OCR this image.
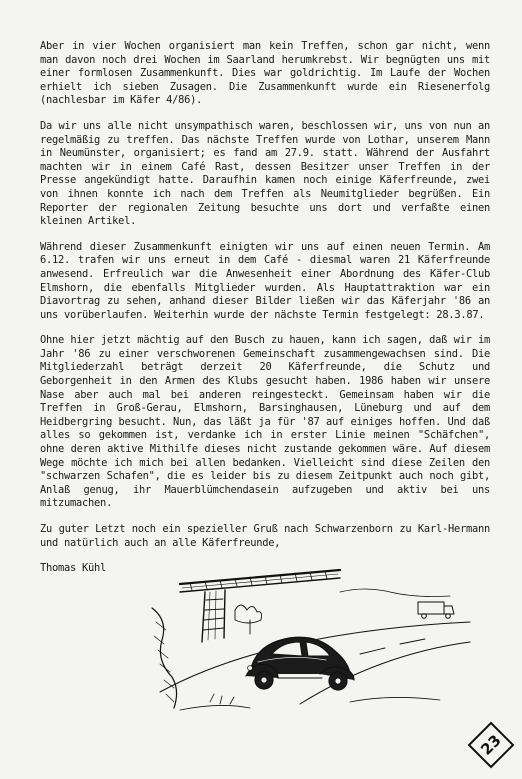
Aber in vier Wochen organisiert man kein Treffen, schon gar nicht, wenn man davon noch drei Wochen im Saarland herumkrebst. Wir begnügten uns mit einer formlosen Zusammenkunft. Dies war goldrichtig. Im Laufe der Wochen erhielt ich sieben Zusagen. Die Zusammenkunft wurde ein Riesenerfolg (nachlesbar im Käfer 4/86).

Da wir uns alle nicht unsympathisch waren, beschlossen wir, uns von nun an regelmäßig zu treffen. Das nächste Treffen wurde von Lothar, unserem Mann in Neumünster, organisiert; es fand am 27.9. statt. Während der Ausfahrt machten wir in einem Café Rast, dessen Besitzer unser Treffen in der Presse angekündigt hatte. Daraufhin kamen noch einige Käferfreunde, zwei von ihnen konnte ich nach dem Treffen als Neumitglieder begrüßen. Ein Reporter der regionalen Zeitung besuchte uns dort und verfaßte einen kleinen Artikel.

Während dieser Zusammenkunft einigten wir uns auf einen neuen Termin. Am 6.12. trafen wir uns erneut in dem Café - diesmal waren 21 Käferfreunde anwesend. Erfreulich war die Anwesenheit einer Abordnung des Käfer-Club Elmshorn, die ebenfalls Mitglieder wurden. Als Hauptattraktion war ein Diavortrag zu sehen, anhand dieser Bilder ließen wir das Käferjahr '86 an uns vorüberlaufen. Weiterhin wurde der nächste Termin festgelegt: 28.3.87.

Ohne hier jetzt mächtig auf den Busch zu hauen, kann ich sagen, daß wir im Jahr '86 zu einer verschworenen Gemeinschaft zusammengewachsen sind. Die Mitgliederzahl beträgt derzeit 20 Käferfreunde, die Schutz und Geborgenheit in den Armen des Klubs gesucht haben. 1986 haben wir unsere Nase aber auch mal bei anderen reingesteckt. Gemeinsam haben wir die Treffen in Groß-Gerau, Elmshorn, Barsinghausen, Lüneburg und auf dem Heidbergring besucht. Nun, das läßt ja für '87 auf einiges hoffen. Und daß alles so gekommen ist, verdanke ich in erster Linie meinen "Schäfchen", ohne deren aktive Mithilfe dieses nicht zustande gekommen wäre. Auf diesem Wege möchte ich mich bei allen bedanken. Vielleicht sind diese Zeilen den "schwarzen Schafen", die es leider bis zu diesem Zeitpunkt auch noch gibt, Anlaß genug, ihr Mauerblümchendasein aufzugeben und aktiv bei uns mitzumachen.

Zu guter Letzt noch ein spezieller Gruß nach Schwarzenborn zu Karl-Hermann und natürlich auch an alle Käferfreunde,

Thomas Kühl

23
